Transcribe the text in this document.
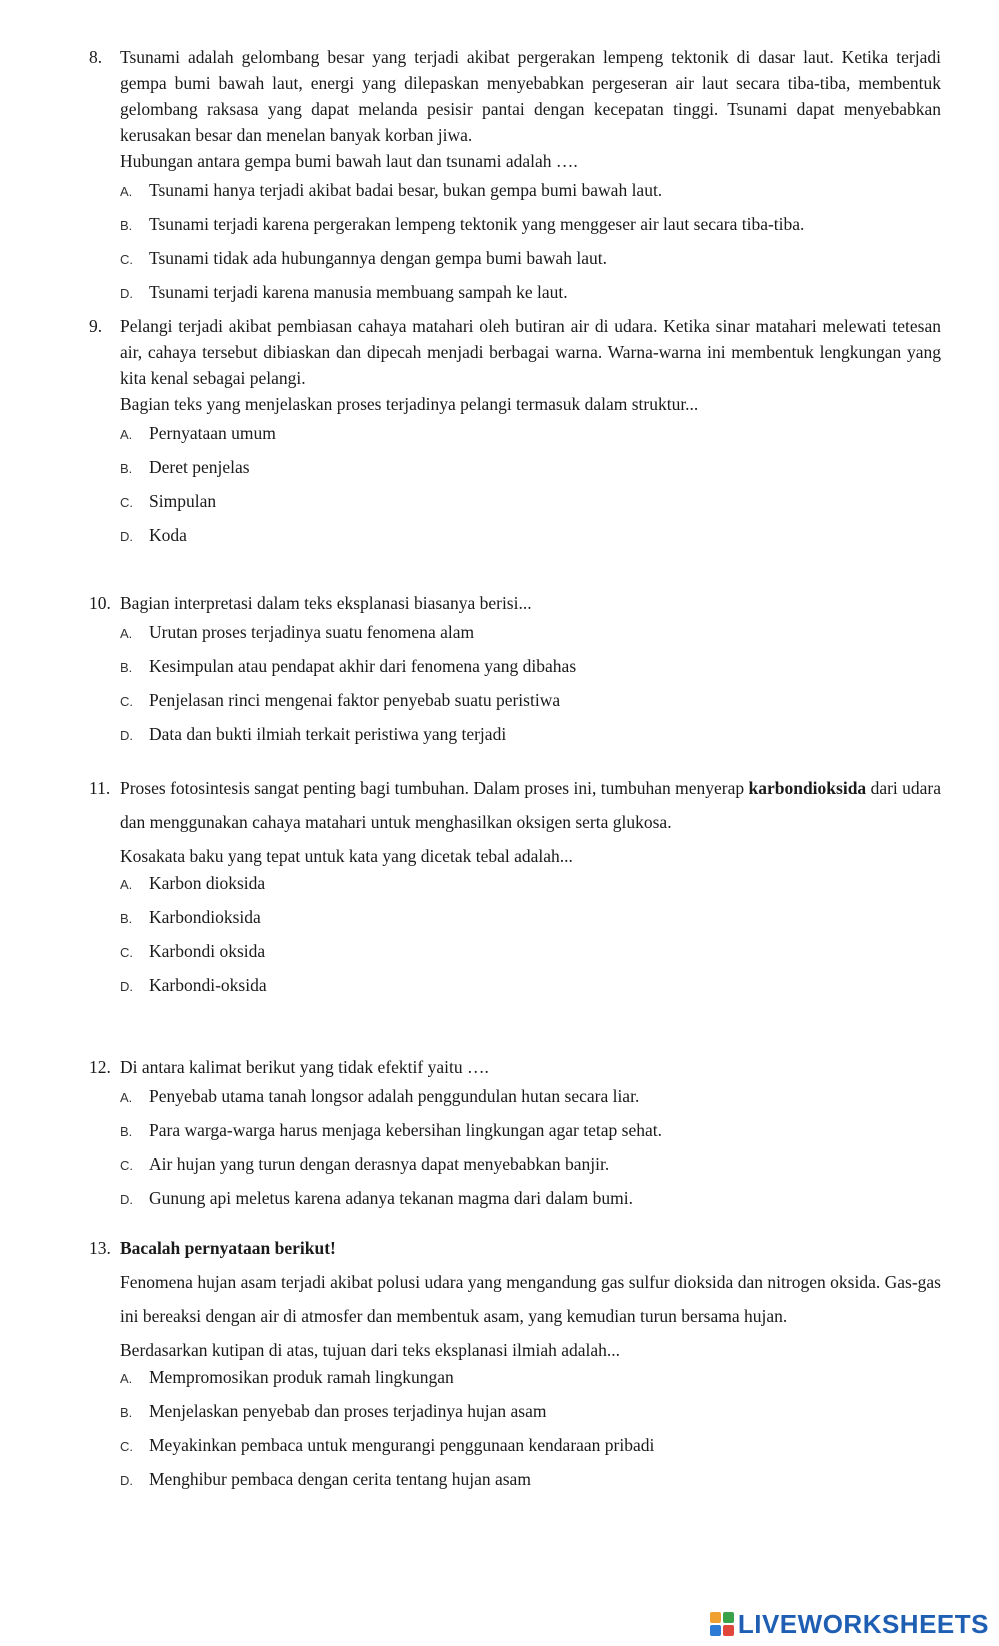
8. Tsunami adalah gelombang besar yang terjadi akibat pergerakan lempeng tektonik di dasar laut. Ketika terjadi gempa bumi bawah laut, energi yang dilepaskan menyebabkan pergeseran air laut secara tiba-tiba, membentuk gelombang raksasa yang dapat melanda pesisir pantai dengan kecepatan tinggi. Tsunami dapat menyebabkan kerusakan besar dan menelan banyak korban jiwa.

Hubungan antara gempa bumi bawah laut dan tsunami adalah ….

A. Tsunami hanya terjadi akibat badai besar, bukan gempa bumi bawah laut.
B. Tsunami terjadi karena pergerakan lempeng tektonik yang menggeser air laut secara tiba-tiba.
C. Tsunami tidak ada hubungannya dengan gempa bumi bawah laut.
D. Tsunami terjadi karena manusia membuang sampah ke laut.
9. Pelangi terjadi akibat pembiasan cahaya matahari oleh butiran air di udara. Ketika sinar matahari melewati tetesan air, cahaya tersebut dibiaskan dan dipecah menjadi berbagai warna. Warna-warna ini membentuk lengkungan yang kita kenal sebagai pelangi.

Bagian teks yang menjelaskan proses terjadinya pelangi termasuk dalam struktur...

A. Pernyataan umum
B. Deret penjelas
C. Simpulan
D. Koda
10. Bagian interpretasi dalam teks eksplanasi biasanya berisi...

A. Urutan proses terjadinya suatu fenomena alam
B. Kesimpulan atau pendapat akhir dari fenomena yang dibahas
C. Penjelasan rinci mengenai faktor penyebab suatu peristiwa
D. Data dan bukti ilmiah terkait peristiwa yang terjadi
11. Proses fotosintesis sangat penting bagi tumbuhan. Dalam proses ini, tumbuhan menyerap karbondioksida dari udara dan menggunakan cahaya matahari untuk menghasilkan oksigen serta glukosa.

Kosakata baku yang tepat untuk kata yang dicetak tebal adalah...

A. Karbon dioksida
B. Karbondioksida
C. Karbondi oksida
D. Karbondi-oksida
12. Di antara kalimat berikut yang tidak efektif yaitu ….

A. Penyebab utama tanah longsor adalah penggundulan hutan secara liar.
B. Para warga-warga harus menjaga kebersihan lingkungan agar tetap sehat.
C. Air hujan yang turun dengan derasnya dapat menyebabkan banjir.
D. Gunung api meletus karena adanya tekanan magma dari dalam bumi.
13. Bacalah pernyataan berikut!

Fenomena hujan asam terjadi akibat polusi udara yang mengandung gas sulfur dioksida dan nitrogen oksida. Gas-gas ini bereaksi dengan air di atmosfer dan membentuk asam, yang kemudian turun bersama hujan.

Berdasarkan kutipan di atas, tujuan dari teks eksplanasi ilmiah adalah...

A. Mempromosikan produk ramah lingkungan
B. Menjelaskan penyebab dan proses terjadinya hujan asam
C. Meyakinkan pembaca untuk mengurangi penggunaan kendaraan pribadi
D. Menghibur pembaca dengan cerita tentang hujan asam
LIVEWORKSHEETS
